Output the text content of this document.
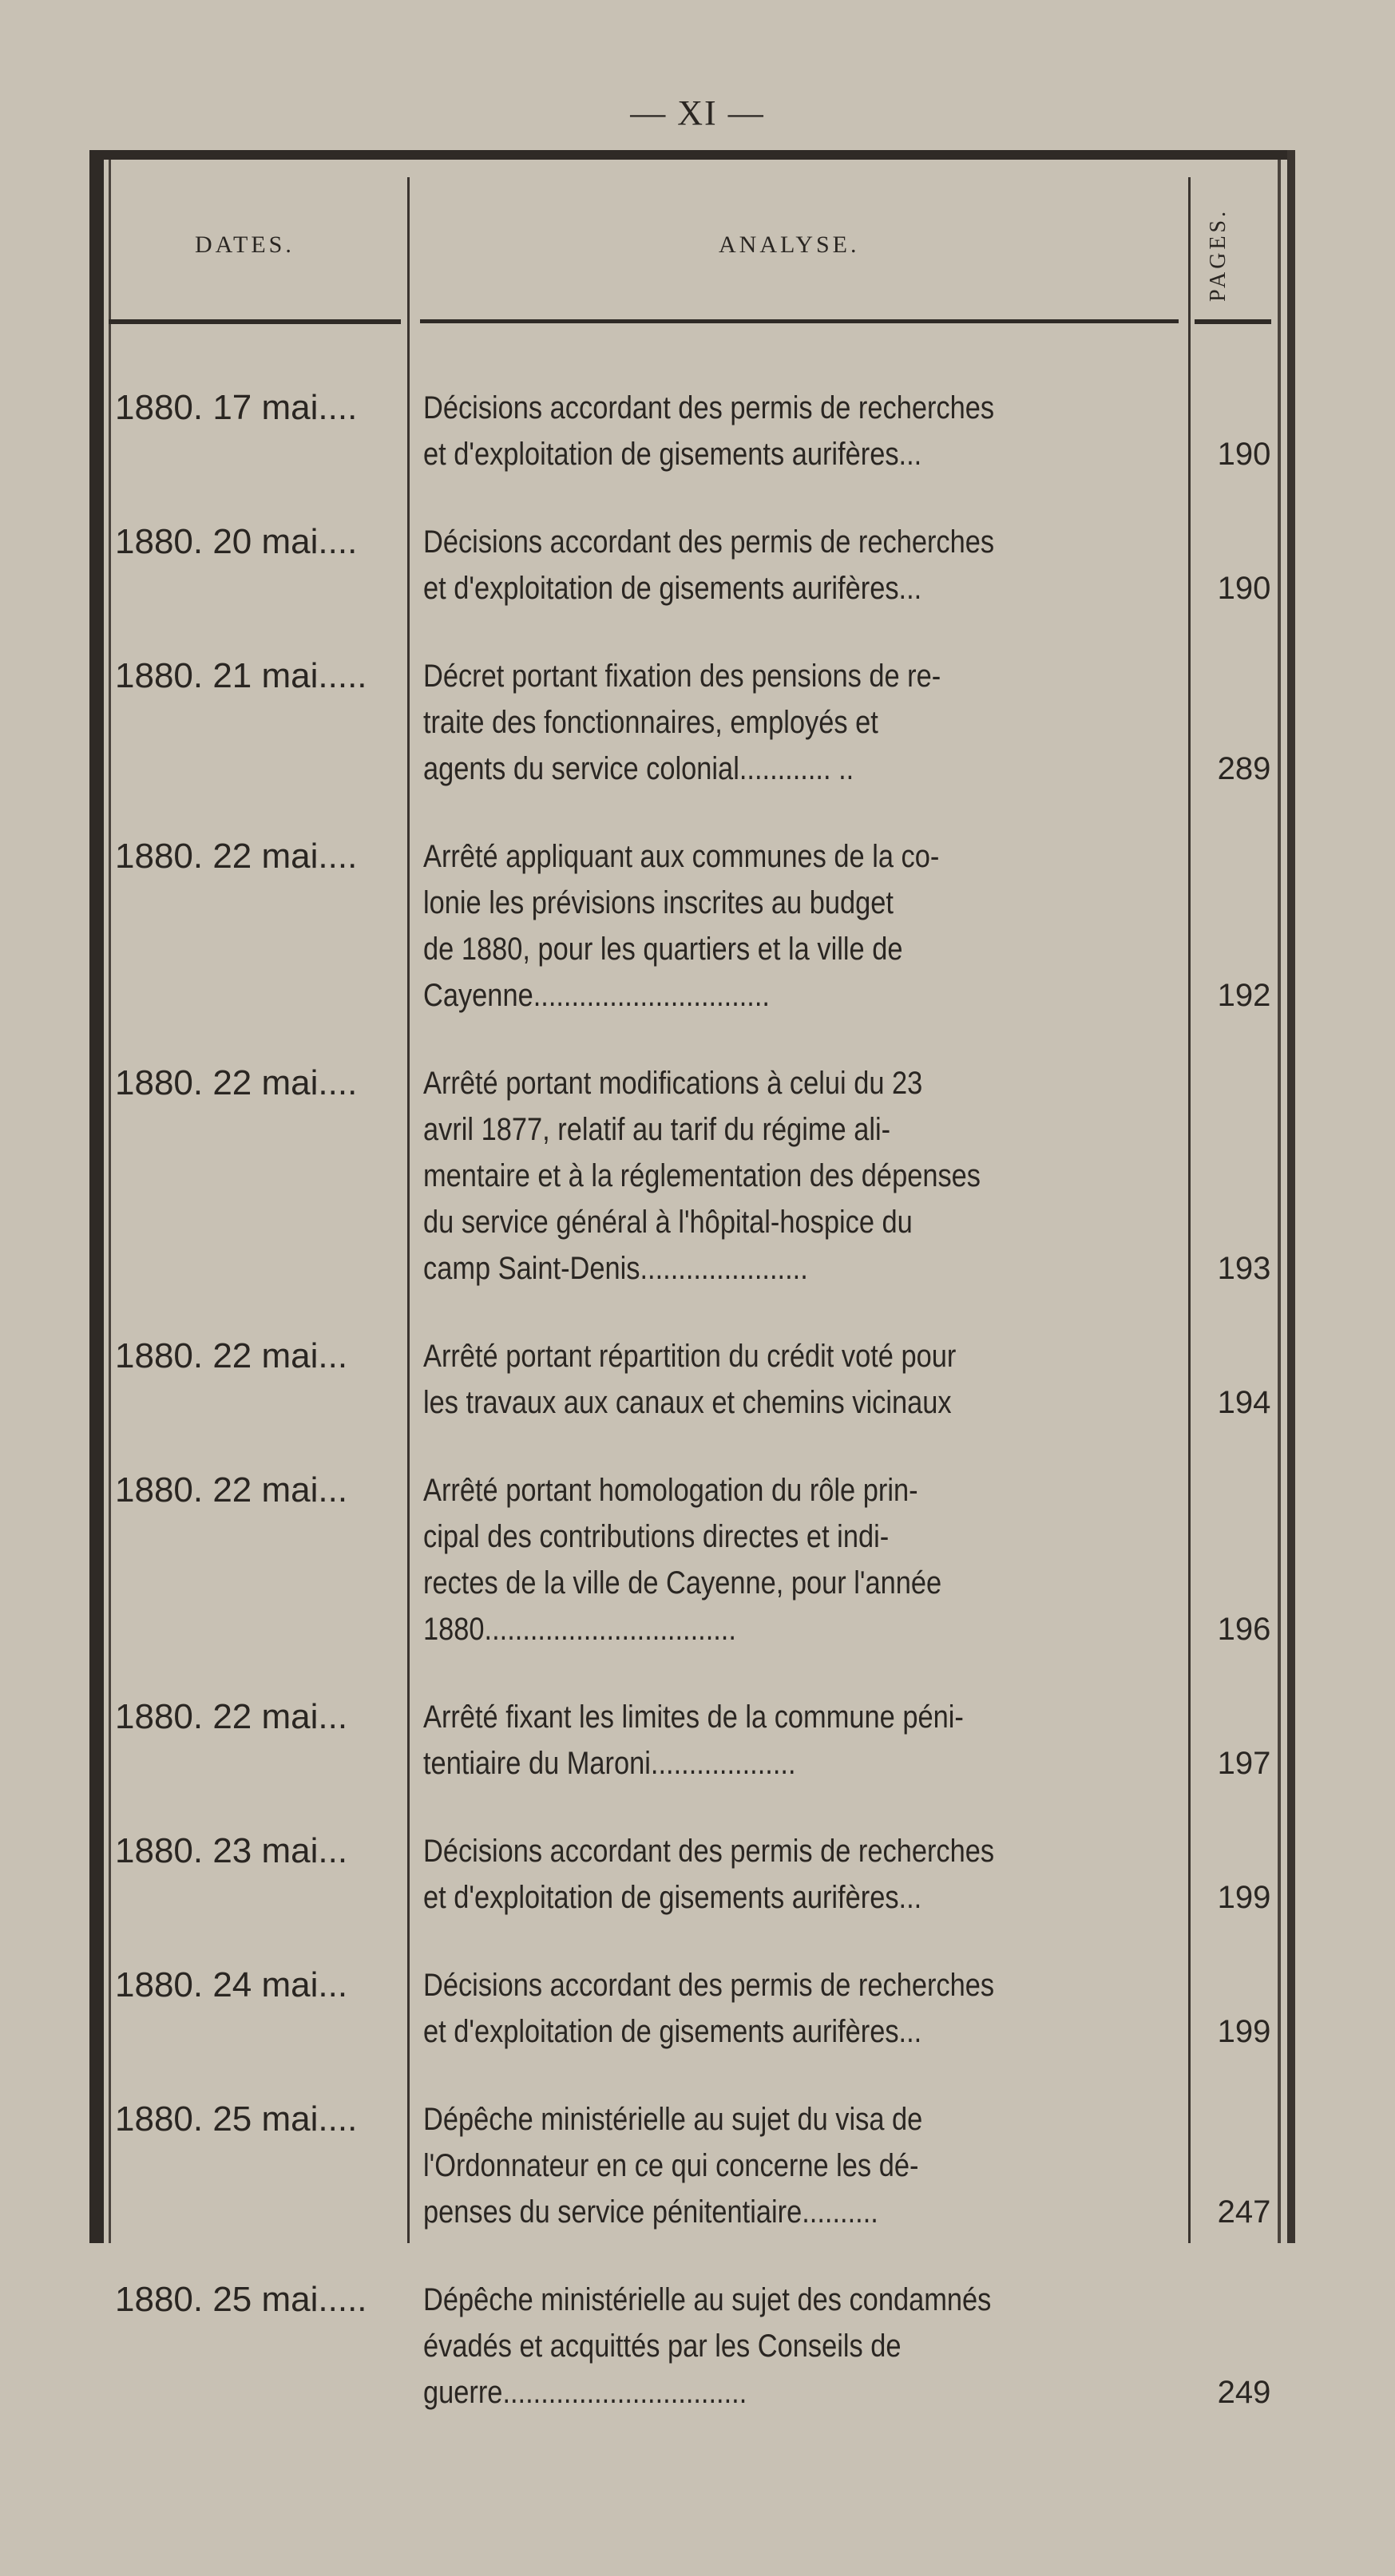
— XI —
DATES.	ANALYSE.	PAGES.
1880. 17 mai....	Décisions accordant des permis de recherches
et d'exploitation de gisements aurifères...	190
1880. 20 mai....	Décisions accordant des permis de recherches
et d'exploitation de gisements aurifères...	190
1880. 21 mai.....	Décret portant fixation des pensions de re-
traite des fonctionnaires, employés et
agents du service colonial............ ..	289
1880. 22 mai....	Arrêté appliquant aux communes de la co-
lonie les prévisions inscrites au budget
de 1880, pour les quartiers et la ville de
Cayenne...............................	192
1880. 22 mai....	Arrêté portant modifications à celui du 23
avril 1877, relatif au tarif du régime ali-
mentaire et à la réglementation des dépenses
du service général à l'hôpital-hospice du
camp Saint-Denis......................	193
1880. 22 mai...	Arrêté portant répartition du crédit voté pour
les travaux aux canaux et chemins vicinaux	194
1880. 22 mai...	Arrêté portant homologation du rôle prin-
cipal des contributions directes et indi-
rectes de la ville de Cayenne, pour l'année
1880.................................	196
1880. 22 mai...	Arrêté fixant les limites de la commune péni-
tentiaire du Maroni...................	197
1880. 23 mai...	Décisions accordant des permis de recherches
et d'exploitation de gisements aurifères...	199
1880. 24 mai...	Décisions accordant des permis de recherches
et d'exploitation de gisements aurifères...	199
1880. 25 mai....	Dépêche ministérielle au sujet du visa de
l'Ordonnateur en ce qui concerne les dé-
penses du service pénitentiaire..........	247
1880. 25 mai.....	Dépêche ministérielle au sujet des condamnés
évadés et acquittés par les Conseils de
guerre................................	249
